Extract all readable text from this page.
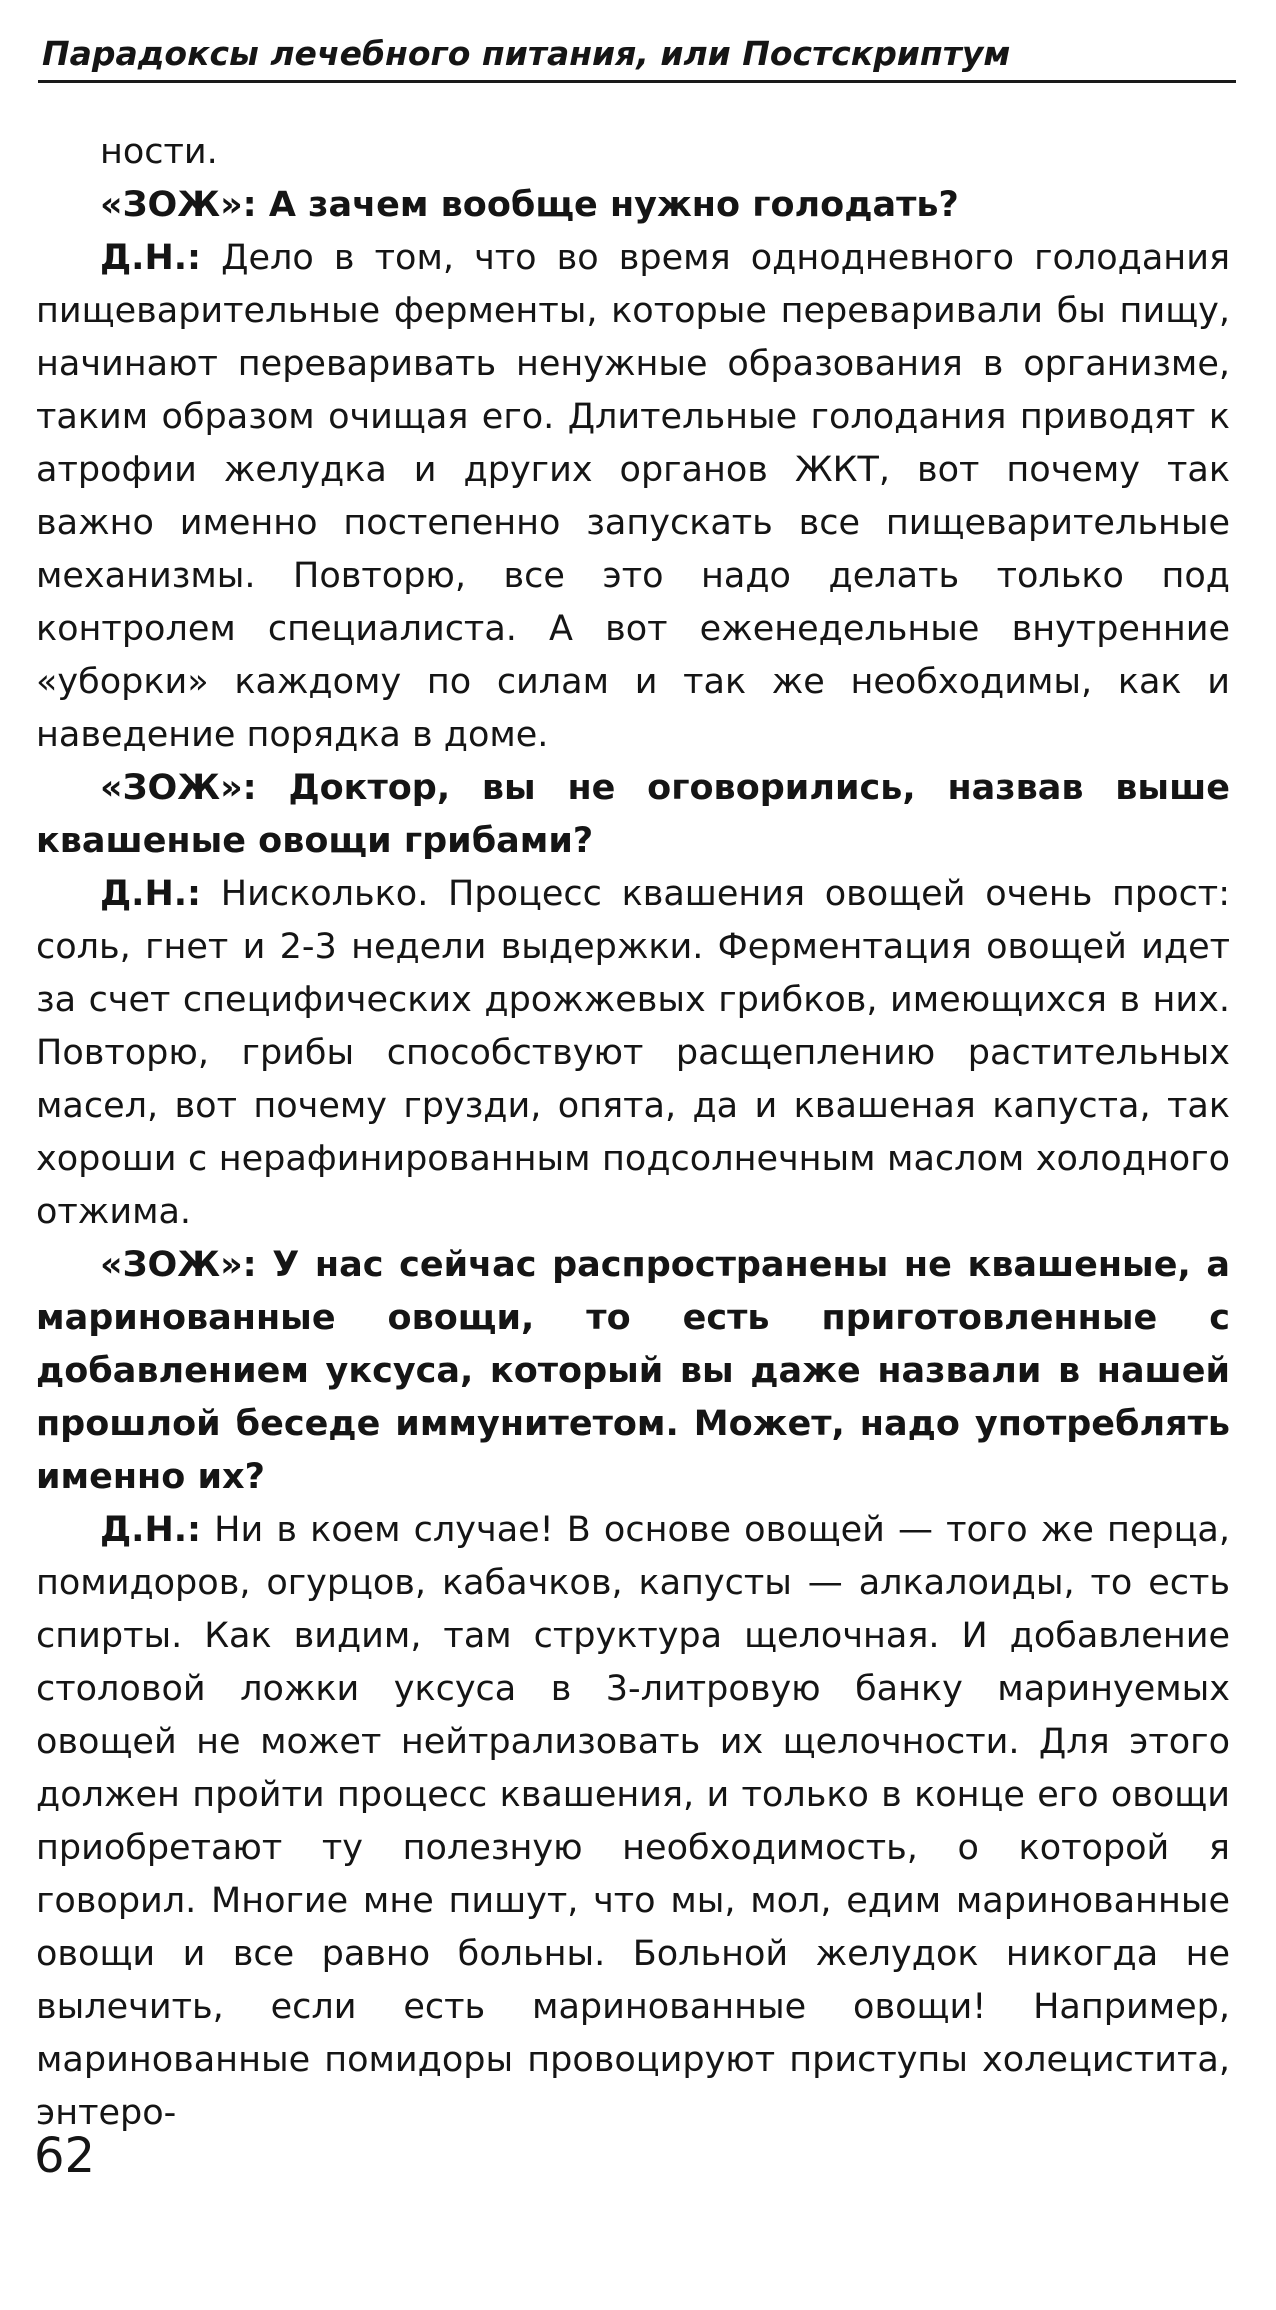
Парадоксы лечебного питания, или Постскриптум

ности.

«ЗОЖ»: А зачем вообще нужно голодать?

Д.Н.: Дело в том, что во время однодневного голодания пищеварительные ферменты, которые переваривали бы пищу, начинают переваривать ненужные образования в организме, таким образом очищая его. Длительные голодания приводят к атрофии желудка и других органов ЖКТ, вот почему так важно именно постепенно запускать все пищеварительные механизмы. Повторю, все это надо делать только под контролем специалиста. А вот еженедельные внутренние «уборки» каждому по силам и так же необходимы, как и наведение порядка в доме.

«ЗОЖ»: Доктор, вы не оговорились, назвав выше квашеные овощи грибами?

Д.Н.: Нисколько. Процесс квашения овощей очень прост: соль, гнет и 2-3 недели выдержки. Ферментация овощей идет за счет специфических дрожжевых грибков, имеющихся в них. Повторю, грибы способствуют расщеплению растительных масел, вот почему грузди, опята, да и квашеная капуста, так хороши с нерафинированным подсолнечным маслом холодного отжима.

«ЗОЖ»: У нас сейчас распространены не квашеные, а маринованные овощи, то есть приготовленные с добавлением уксуса, который вы даже назвали в нашей прошлой беседе иммунитетом. Может, надо употреблять именно их?

Д.Н.: Ни в коем случае! В основе овощей — того же перца, помидоров, огурцов, кабачков, капусты — алкалоиды, то есть спирты. Как видим, там структура щелочная. И добавление столовой ложки уксуса в 3-литровую банку маринуемых овощей не может нейтрализовать их щелочности. Для этого должен пройти процесс квашения, и только в конце его овощи приобретают ту полезную необходимость, о которой я говорил. Многие мне пишут, что мы, мол, едим маринованные овощи и все равно больны. Больной желудок никогда не вылечить, если есть маринованные овощи! Например, маринованные помидоры провоцируют приступы холецистита, энтеро-

62
